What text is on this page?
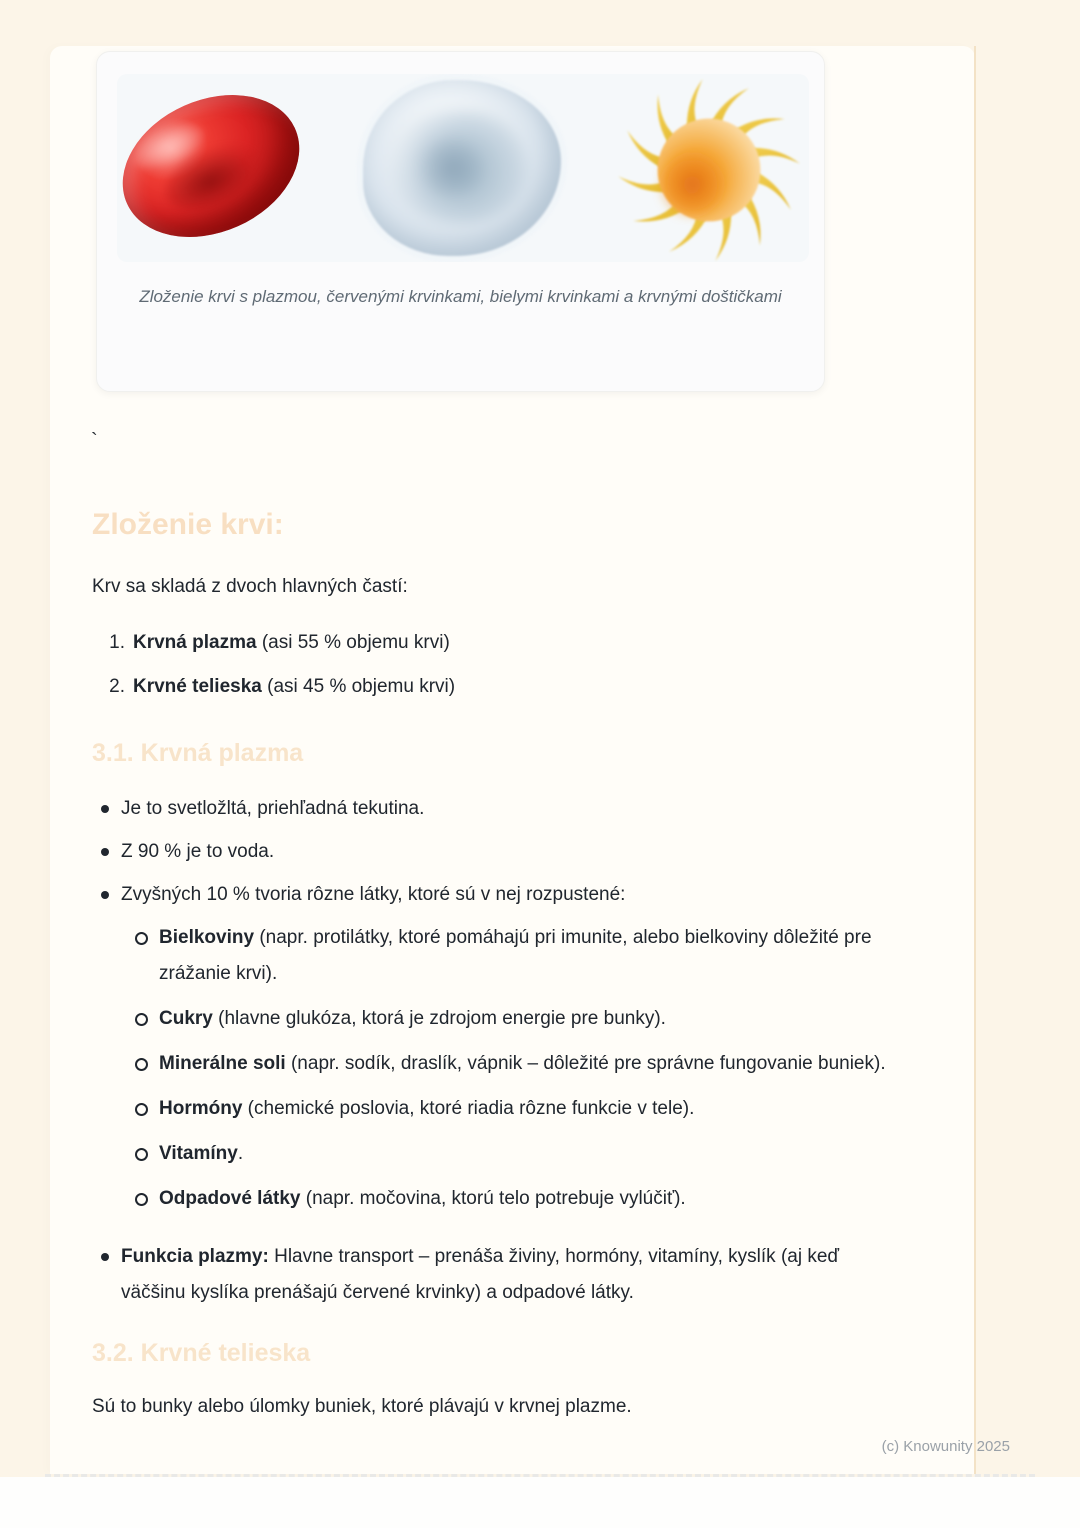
Zloženie krvi s plazmou, červenými krvinkami, bielymi krvinkami a krvnými doštičkami

`
Zloženie krvi:

Krv sa skladá z dvoch hlavných častí:

1. Krvná plazma (asi 55 % objemu krvi)
2. Krvné telieska (asi 45 % objemu krvi)
3.1. Krvná plazma
Je to svetložltá, priehľadná tekutina.
Z 90 % je to voda.
Zvyšných 10 % tvoria rôzne látky, ktoré sú v nej rozpustené:
Bielkoviny (napr. protilátky, ktoré pomáhajú pri imunite, alebo bielkoviny dôležité pre zrážanie krvi).
Cukry (hlavne glukóza, ktorá je zdrojom energie pre bunky).
Minerálne soli (napr. sodík, draslík, vápnik – dôležité pre správne fungovanie buniek).
Hormóny (chemické poslovia, ktoré riadia rôzne funkcie v tele).
Vitamíny.
Odpadové látky (napr. močovina, ktorú telo potrebuje vylúčiť).
Funkcia plazmy: Hlavne transport – prenáša živiny, hormóny, vitamíny, kyslík (aj keď väčšinu kyslíka prenášajú červené krvinky) a odpadové látky.
3.2. Krvné telieska

Sú to bunky alebo úlomky buniek, ktoré plávajú v krvnej plazme.

(c) Knowunity 2025
